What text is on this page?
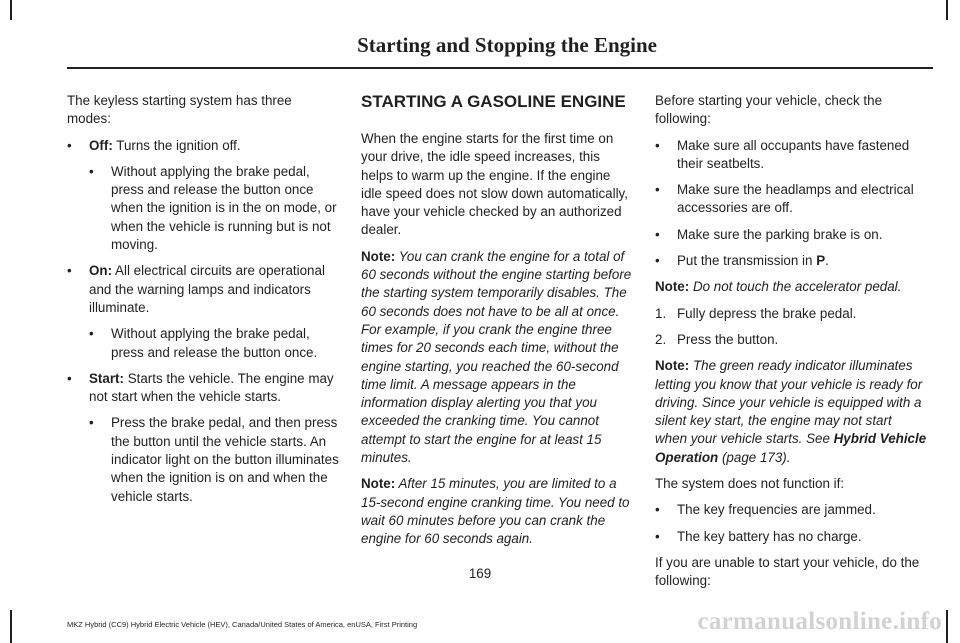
Starting and Stopping the Engine

The keyless starting system has three modes:

• Off: Turns the ignition off.
• Without applying the brake pedal, press and release the button once when the ignition is in the on mode, or when the vehicle is running but is not moving.
• On: All electrical circuits are operational and the warning lamps and indicators illuminate.
• Without applying the brake pedal, press and release the button once.
• Start: Starts the vehicle. The engine may not start when the vehicle starts.
• Press the brake pedal, and then press the button until the vehicle starts. An indicator light on the button illuminates when the ignition is on and when the vehicle starts.
STARTING A GASOLINE ENGINE

When the engine starts for the first time on your drive, the idle speed increases, this helps to warm up the engine. If the engine idle speed does not slow down automatically, have your vehicle checked by an authorized dealer.

Note: You can crank the engine for a total of 60 seconds without the engine starting before the starting system temporarily disables. The 60 seconds does not have to be all at once. For example, if you crank the engine three times for 20 seconds each time, without the engine starting, you reached the 60-second time limit. A message appears in the information display alerting you that you exceeded the cranking time. You cannot attempt to start the engine for at least 15 minutes.

Note: After 15 minutes, you are limited to a 15-second engine cranking time. You need to wait 60 minutes before you can crank the engine for 60 seconds again.

Before starting your vehicle, check the following:

• Make sure all occupants have fastened their seatbelts.
• Make sure the headlamps and electrical accessories are off.
• Make sure the parking brake is on.
• Put the transmission in P.

Note: Do not touch the accelerator pedal.

1. Fully depress the brake pedal.
2. Press the button.

Note: The green ready indicator illuminates letting you know that your vehicle is ready for driving. Since your vehicle is equipped with a silent key start, the engine may not start when your vehicle starts. See Hybrid Vehicle Operation (page 173).

The system does not function if:

• The key frequencies are jammed.
• The key battery has no charge.

If you are unable to start your vehicle, do the following:

169
MKZ Hybrid (CC9) Hybrid Electric Vehicle (HEV), Canada/United States of America, enUSA, First Printing	carmanualsonline.info
